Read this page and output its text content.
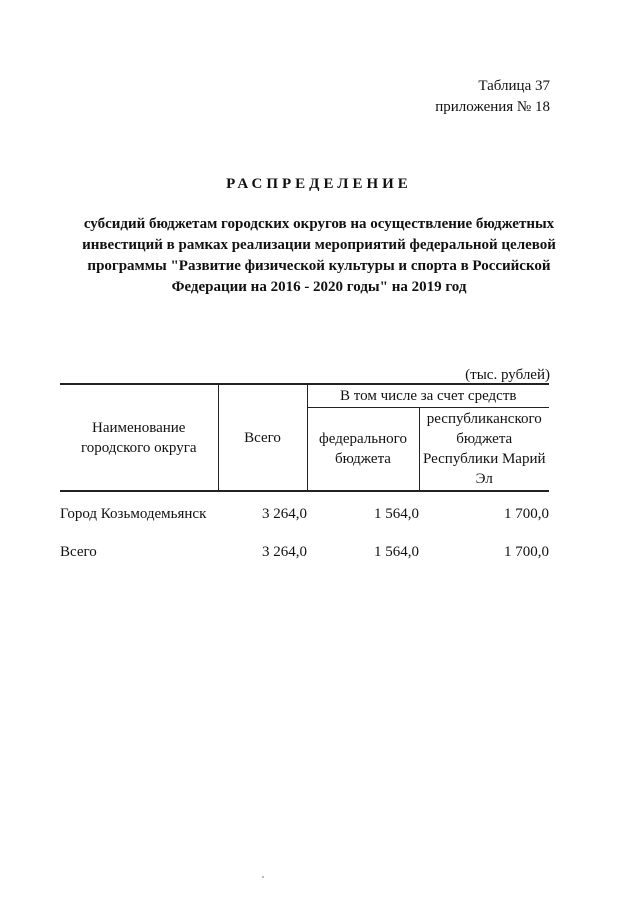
Таблица 37
приложения № 18
РАСПРЕДЕЛЕНИЕ
субсидий бюджетам городских округов на осуществление бюджетных
инвестиций в рамках реализации мероприятий федеральной целевой
программы "Развитие физической культуры и спорта в Российской
Федерации на 2016 - 2020 годы" на 2019 год
(тыс. рублей)
Наименование городского округа	Всего	В том числе за счет средств	
		федерального бюджета	республиканского бюджета Республики Марий Эл
Город Козьмодемьянск	3 264,0	1 564,0	1 700,0
Всего	3 264,0	1 564,0	1 700,0
